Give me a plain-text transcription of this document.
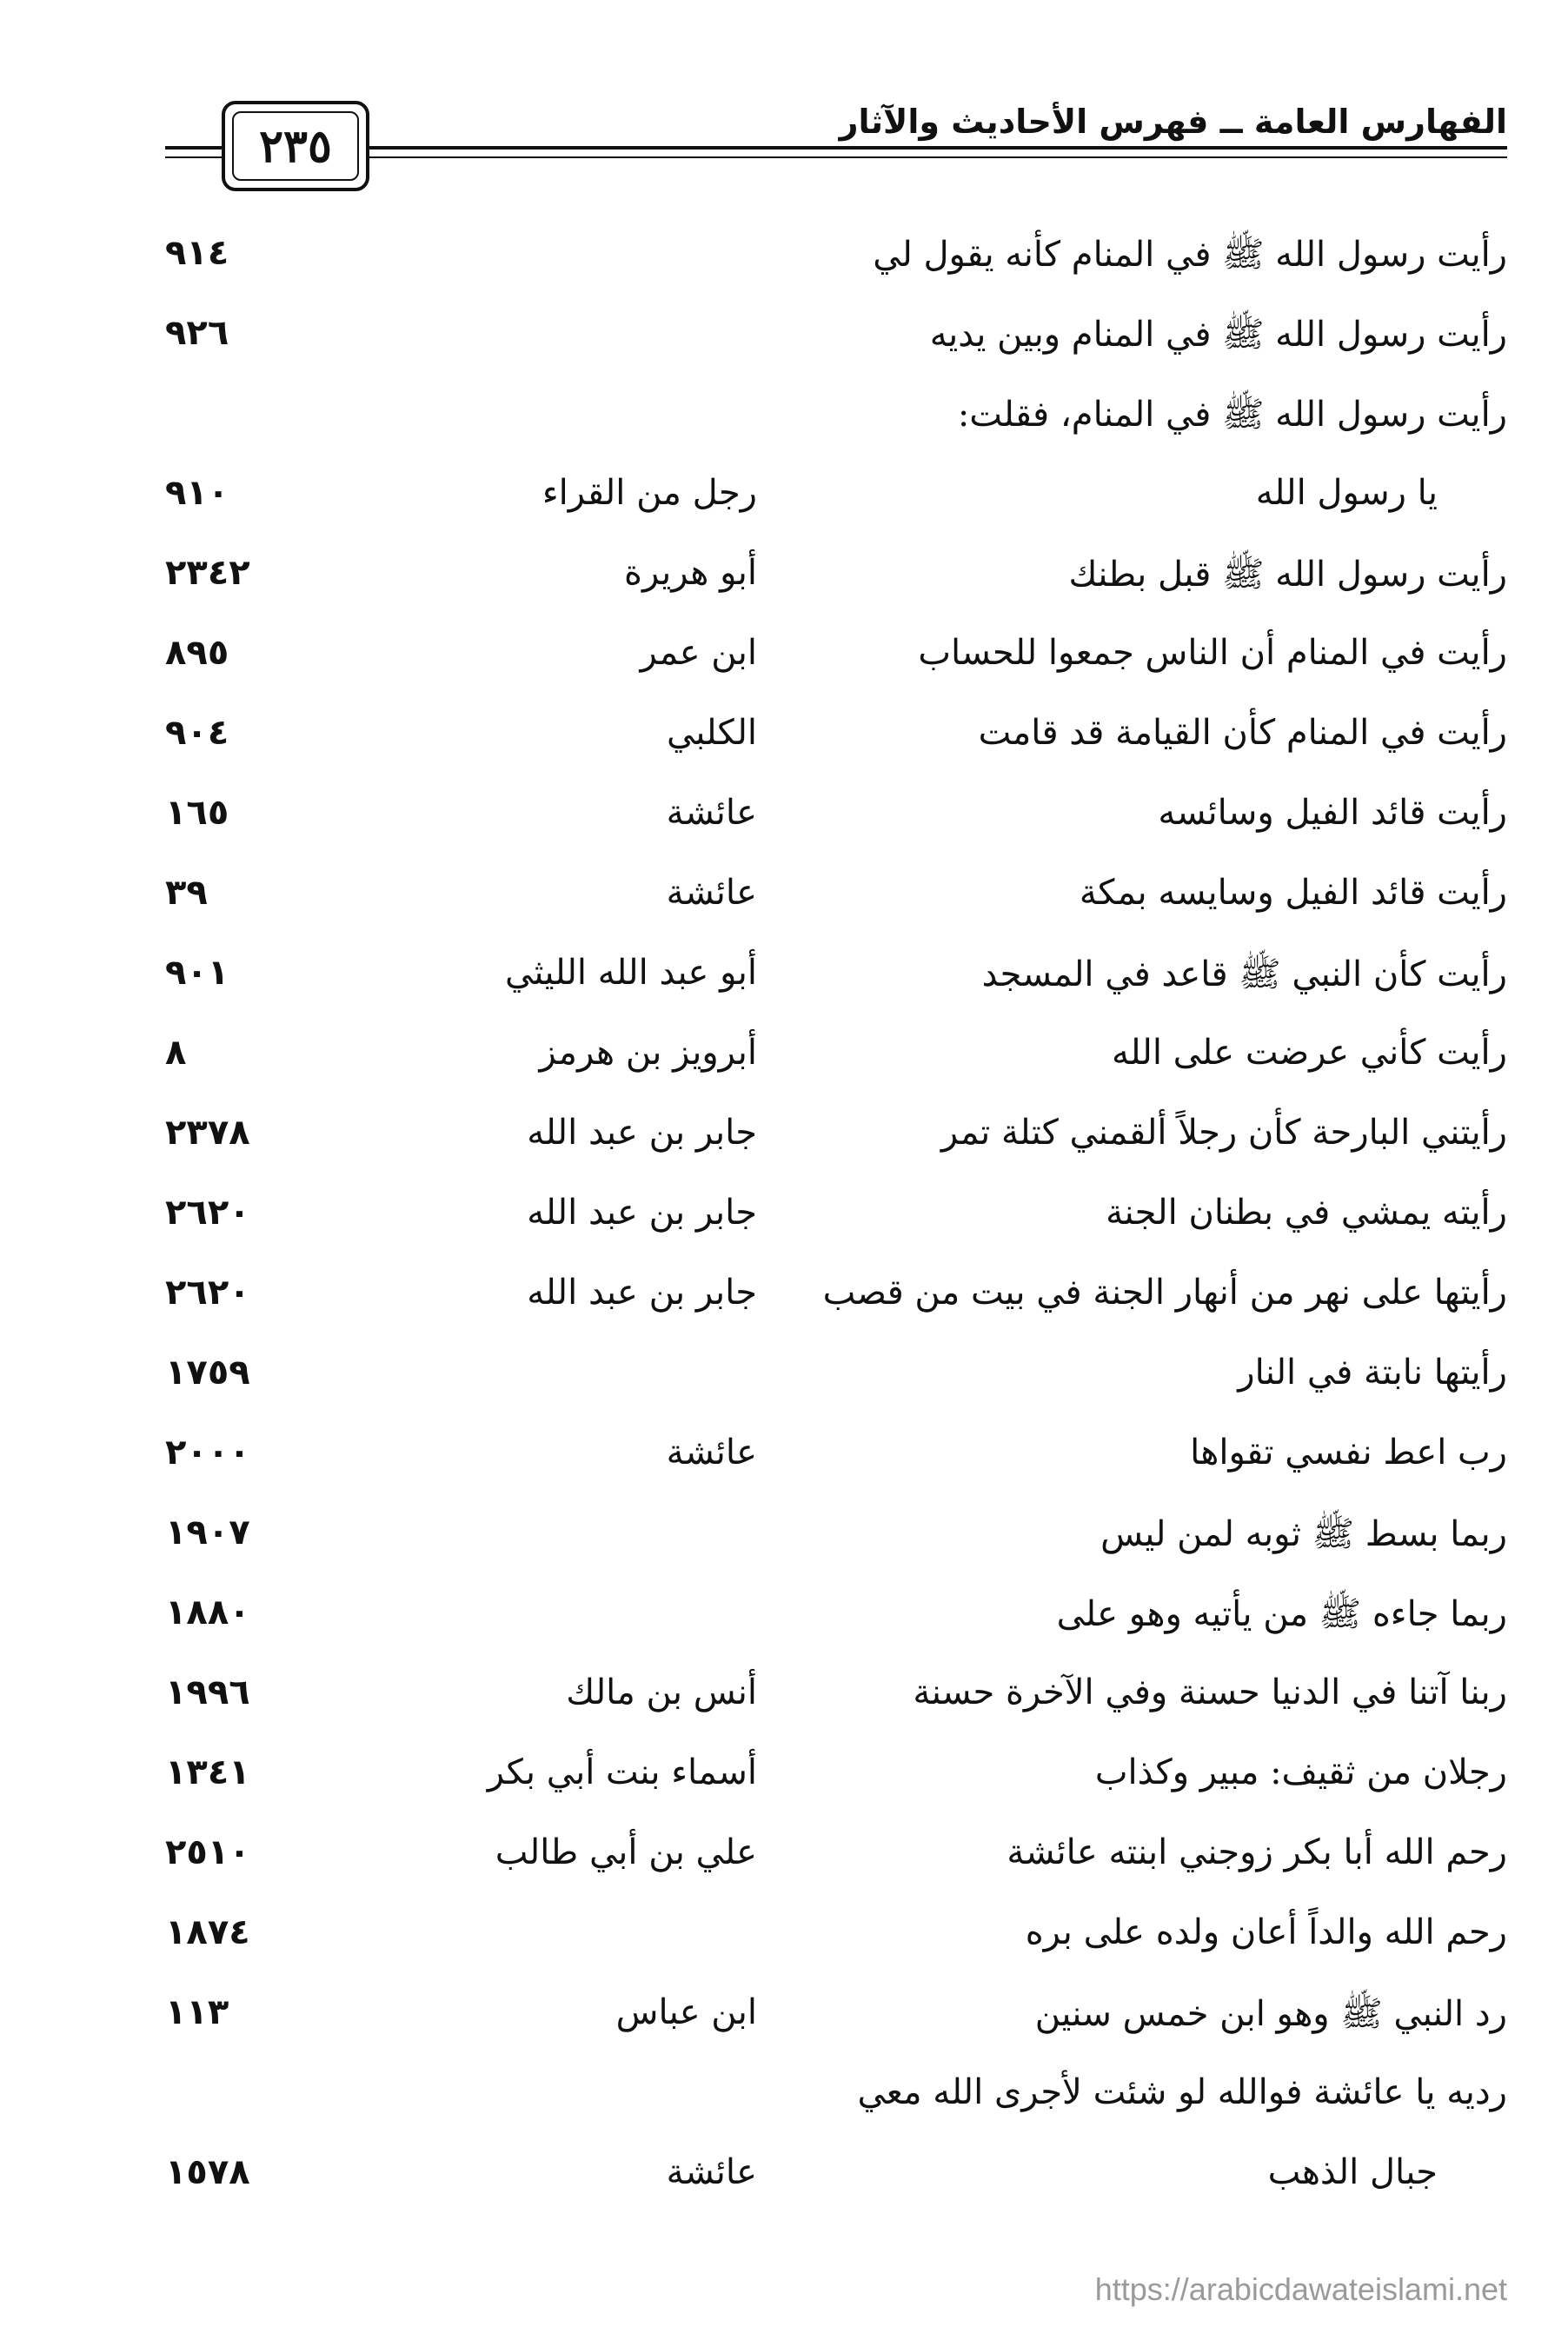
الفهارس العامة ــ فهرس الأحاديث والآثار
٢٣٥
رأيت رسول الله ﷺ في المنام كأنه يقول لي
٩١٤
رأيت رسول الله ﷺ في المنام وبين يديه
٩٢٦
رأيت رسول الله ﷺ في المنام، فقلت:
يا رسول الله
رجل من القراء
٩١٠
رأيت رسول الله ﷺ قبل بطنك
أبو هريرة
٢٣٤٢
رأيت في المنام أن الناس جمعوا للحساب
ابن عمر
٨٩٥
رأيت في المنام كأن القيامة قد قامت
الكلبي
٩٠٤
رأيت قائد الفيل وسائسه
عائشة
١٦٥
رأيت قائد الفيل وسايسه بمكة
عائشة
٣٩
رأيت كأن النبي ﷺ قاعد في المسجد
أبو عبد الله الليثي
٩٠١
رأيت كأني عرضت على الله
أبرويز بن هرمز
٨
رأيتني البارحة كأن رجلاً ألقمني كتلة تمر
جابر بن عبد الله
٢٣٧٨
رأيته يمشي في بطنان الجنة
جابر بن عبد الله
٢٦٢٠
رأيتها على نهر من أنهار الجنة في بيت من قصب
جابر بن عبد الله
٢٦٢٠
رأيتها نابتة في النار
١٧٥٩
رب اعط نفسي تقواها
عائشة
٢٠٠٠
ربما بسط ﷺ ثوبه لمن ليس
١٩٠٧
ربما جاءه ﷺ من يأتيه وهو على
١٨٨٠
ربنا آتنا في الدنيا حسنة وفي الآخرة حسنة
أنس بن مالك
١٩٩٦
رجلان من ثقيف: مبير وكذاب
أسماء بنت أبي بكر
١٣٤١
رحم الله أبا بكر زوجني ابنته عائشة
علي بن أبي طالب
٢٥١٠
رحم الله والداً أعان ولده على بره
١٨٧٤
رد النبي ﷺ وهو ابن خمس سنين
ابن عباس
١١٣
رديه يا عائشة فوالله لو شئت لأجرى الله معي
جبال الذهب
عائشة
١٥٧٨
https://arabicdawateislami.net
